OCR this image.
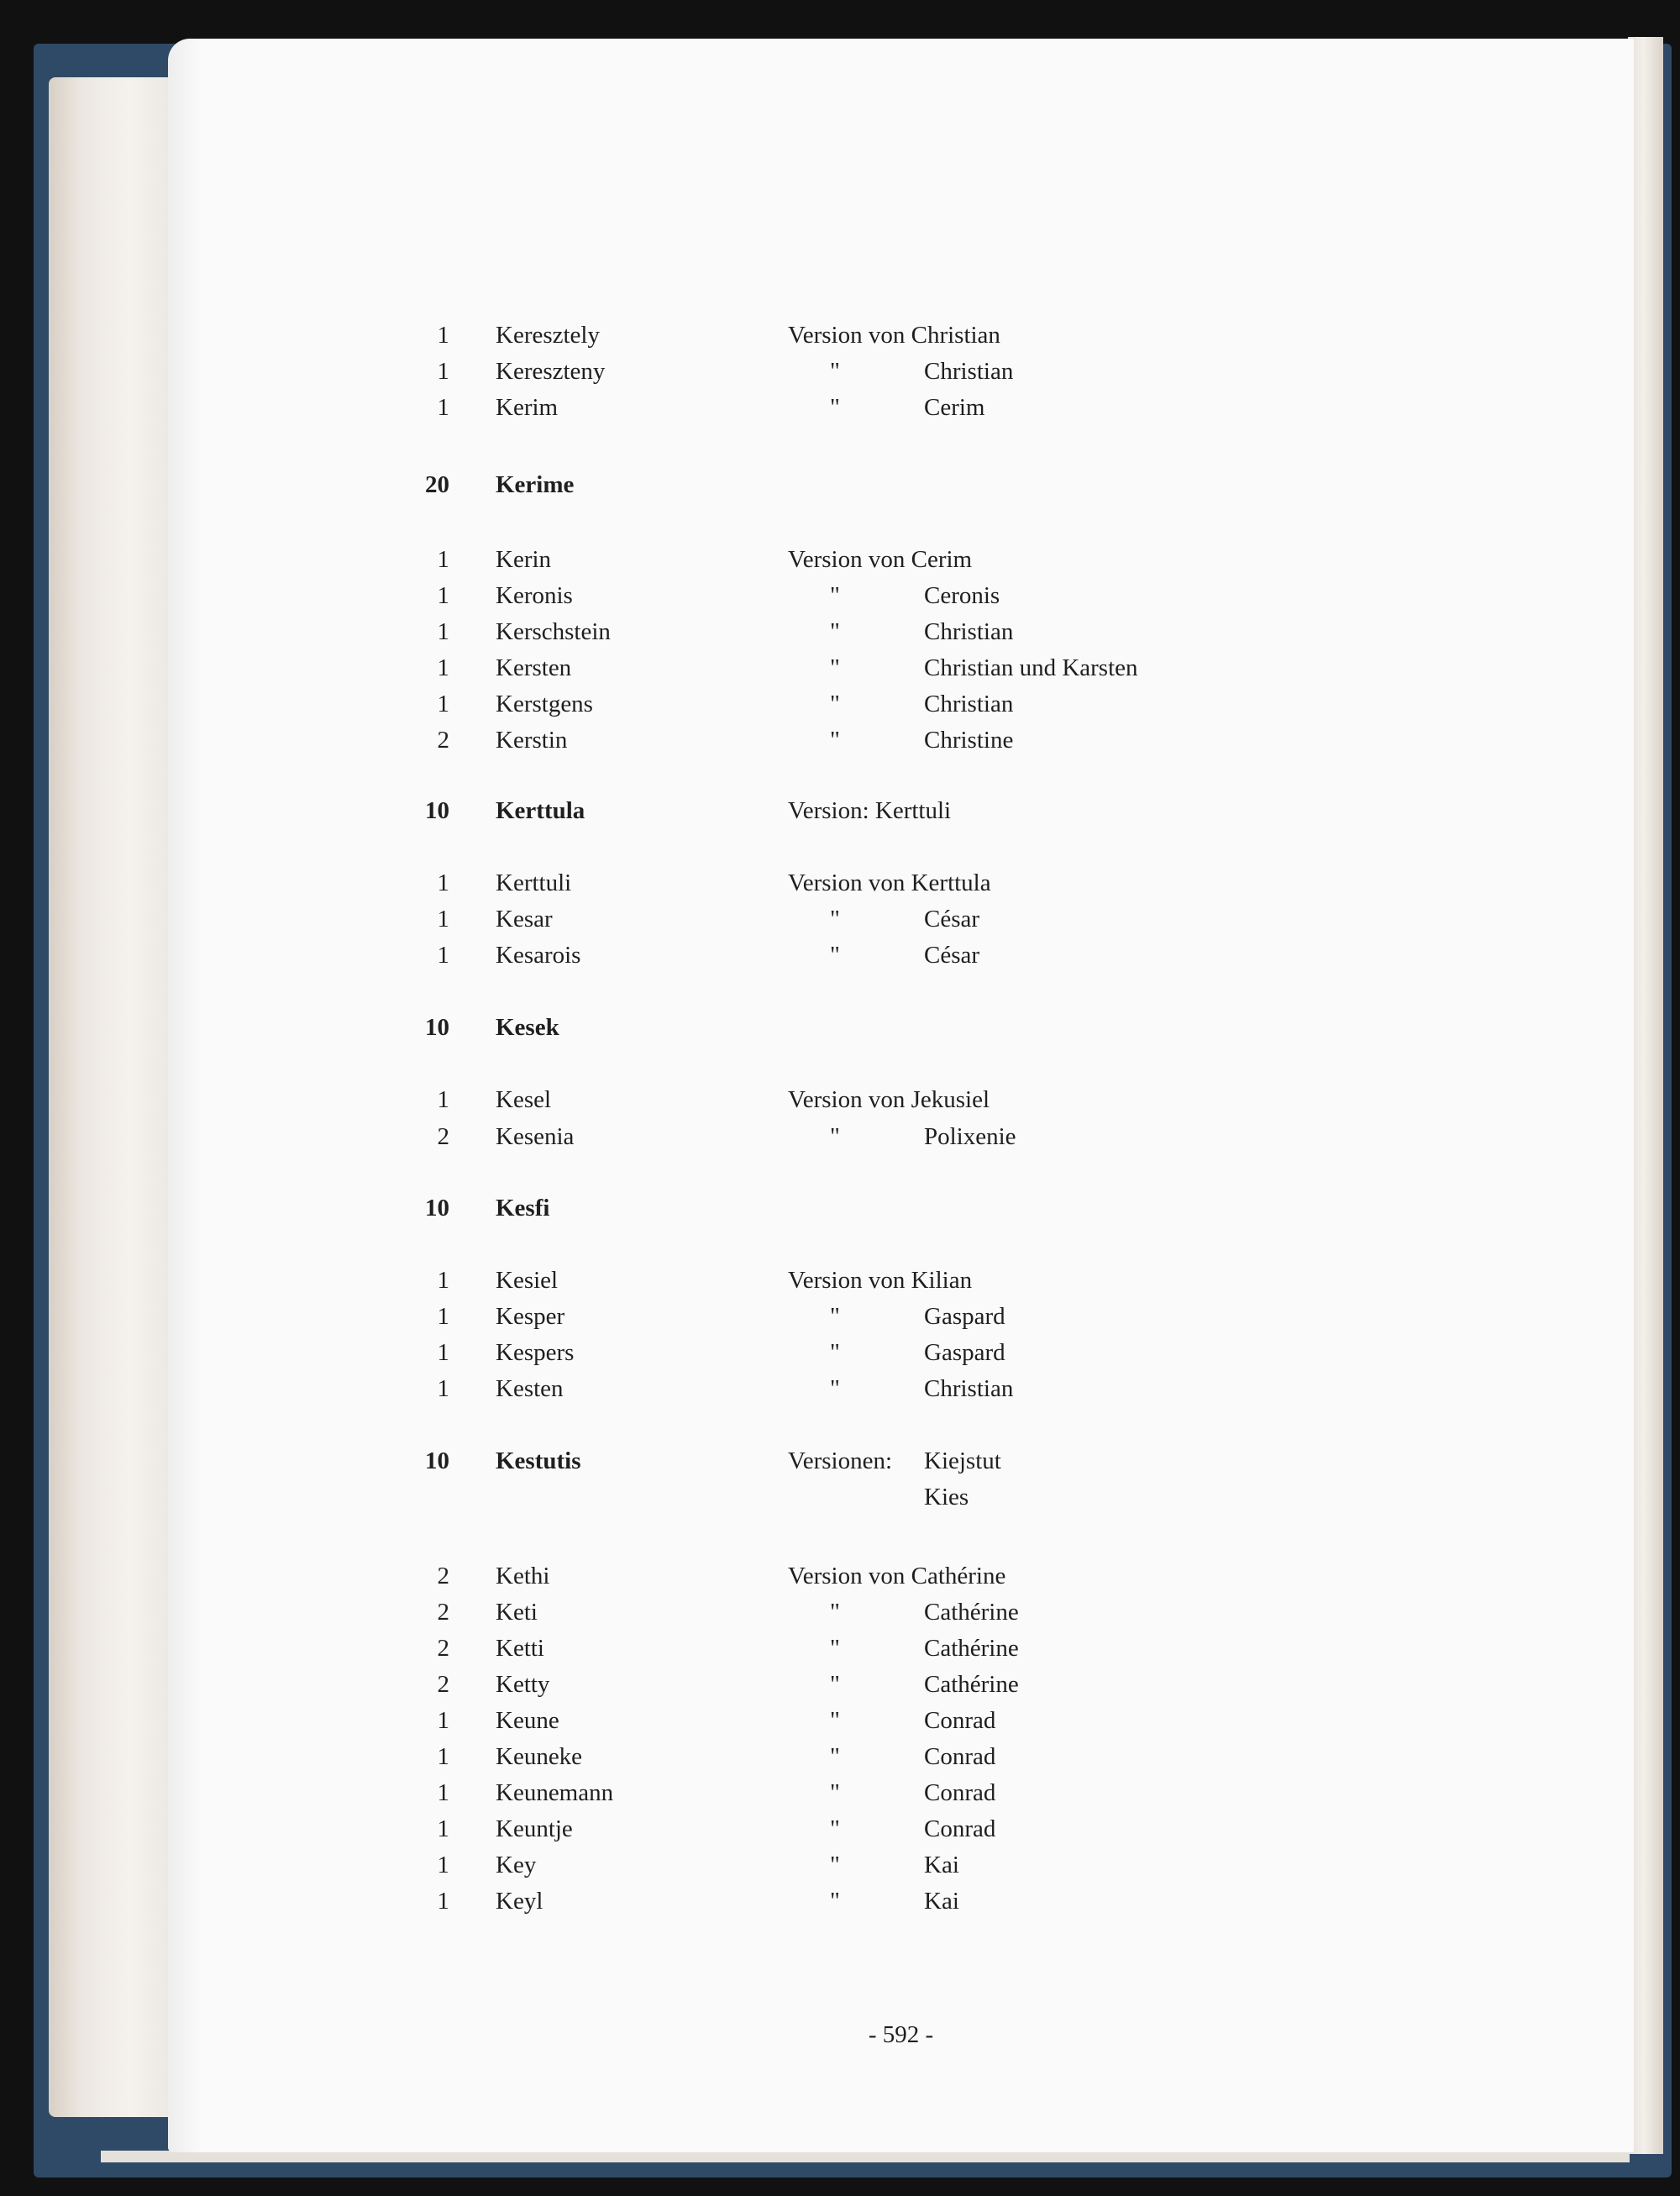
1 Keresztely	Version von Christian
1 Kereszteny	"	Christian
1 Kerim	"	Cerim
20 Kerime
1 Kerin	Version von Cerim
1 Keronis	"	Ceronis
1 Kerschstein	"	Christian
1 Kersten	"	Christian und Karsten
1 Kerstgens	"	Christian
2 Kerstin	"	Christine
10 Kerttula	Version: Kerttuli
1 Kerttuli	Version von Kerttula
1 Kesar	"	César
1 Kesarois	"	César
10 Kesek
1 Kesel	Version von Jekusiel
2 Kesenia	"	Polixenie
10 Kesfi
1 Kesiel	Version von Kilian
1 Kesper	"	Gaspard
1 Kespers	"	Gaspard
1 Kesten	"	Christian
10 Kestutis	Versionen: Kiejstut
Kies
2 Kethi	Version von Cathérine
2 Keti	"	Cathérine
2 Ketti	"	Cathérine
2 Ketty	"	Cathérine
1 Keune	"	Conrad
1 Keuneke	"	Conrad
1 Keunemann	"	Conrad
1 Keuntje	"	Conrad
1 Key	"	Kai
1 Keyl	"	Kai
- 592 -
